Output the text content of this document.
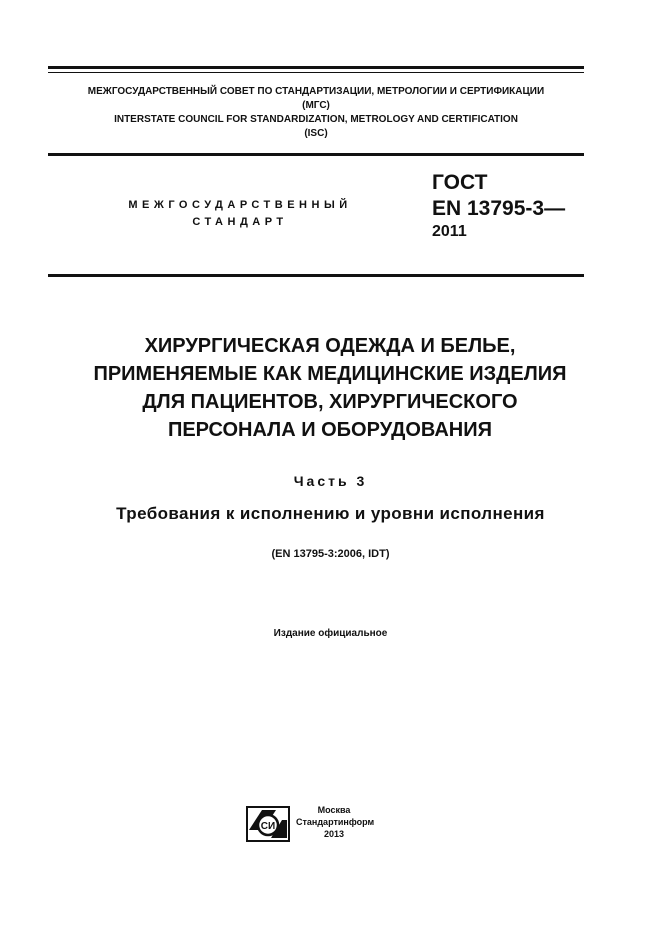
МЕЖГОСУДАРСТВЕННЫЙ СОВЕТ ПО СТАНДАРТИЗАЦИИ, МЕТРОЛОГИИ И СЕРТИФИКАЦИИ
(МГС)
INTERSTATE COUNCIL FOR STANDARDIZATION, METROLOGY AND CERTIFICATION
(ISC)
МЕЖГОСУДАРСТВЕННЫЙ
СТАНДАРТ
ГОСТ
EN 13795-3—
2011
ХИРУРГИЧЕСКАЯ ОДЕЖДА И БЕЛЬЕ,
ПРИМЕНЯЕМЫЕ КАК МЕДИЦИНСКИЕ ИЗДЕЛИЯ
ДЛЯ ПАЦИЕНТОВ, ХИРУРГИЧЕСКОГО
ПЕРСОНАЛА И ОБОРУДОВАНИЯ
Часть 3
Требования к исполнению и уровни исполнения
(EN 13795-3:2006, IDT)
Издание официальное
СИ
Москва
Стандартинформ
2013
